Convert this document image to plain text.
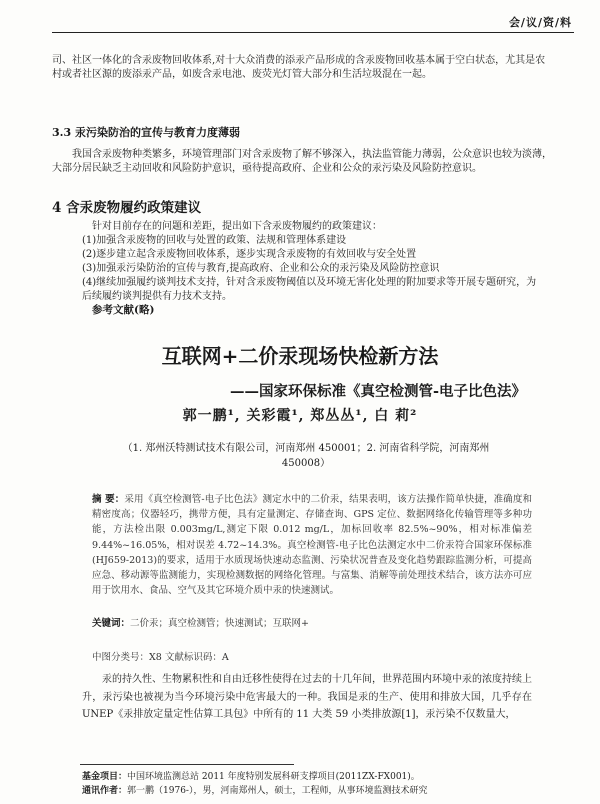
会/议/资/料
司、社区一体化的含汞废物回收体系,对十大众消费的添汞产品形成的含汞废物回收基本属于空白状态，尤其是农村或者社区源的废添汞产品，如废含汞电池、废荧光灯管大部分和生活垃圾混在一起。
3.3 汞污染防治的宣传与教育力度薄弱
我国含汞废物种类繁多，环境管理部门对含汞废物了解不够深入，执法监管能力薄弱，公众意识也较为淡薄，大部分居民缺乏主动回收和风险防护意识，亟待提高政府、企业和公众的汞污染及风险防控意识。
4 含汞废物履约政策建议
针对目前存在的问题和差距，提出如下含汞废物履约的政策建议：
(1)加强含汞废物的回收与处置的政策、法规和管理体系建设
(2)逐步建立起含汞废物回收体系，逐步实现含汞废物的有效回收与安全处置
(3)加强汞污染防治的宣传与教育,提高政府、企业和公众的汞污染及风险防控意识
(4)继续加强履约谈判技术支持，针对含汞废物阈值以及环境无害化处理的附加要求等开展专题研究，为后续履约谈判提供有力技术支持。
参考文献(略)
互联网+二价汞现场快检新方法
——国家环保标准《真空检测管-电子比色法》
郭一鹏¹, 关彩霞¹, 郑丛丛¹, 白 莉²
（1. 郑州沃特测试技术有限公司，河南郑州 450001；2. 河南省科学院，河南郑州 450008）
摘 要：采用《真空检测管-电子比色法》测定水中的二价汞，结果表明，该方法操作简单快捷，准确度和精密度高；仪器轻巧，携带方便，具有定量测定、存储查询、GPS 定位、数据网络化传输管理等多种功能，方法检出限 0.003mg/L,测定下限 0.012 mg/L，加标回收率 82.5%~90%，相对标准偏差 9.44%~16.05%，相对误差 4.72~14.3%。真空检测管-电子比色法测定水中二价汞符合国家环保标准(HJ659-2013)的要求，适用于水质现场快速动态监测、污染状况普查及变化趋势跟踪监测分析，可提高应急、移动源等监测能力，实现检测数据的网络化管理。与富集、消解等前处理技术结合，该方法亦可应用于饮用水、食品、空气及其它环境介质中汞的快速测试。
关键词：二价汞；真空检测管；快速测试；互联网+
中图分类号：X8 文献标识码：A
汞的持久性、生物累积性和自由迁移性使得在过去的十几年间，世界范围内环境中汞的浓度持续上升，汞污染也被视为当今环境污染中危害最大的一种。我国是汞的生产、使用和排放大国，几乎存在 UNEP《汞排放定量定性估算工具包》中所有的 11 大类 59 小类排放源[1]，汞污染不仅数量大，
基金项目：中国环境监测总站 2011 年度特别发展科研支撑项目(2011ZX-FX001)。
通讯作者：郭一鹏（1976-），男，河南郑州人，硕士，工程师，从事环境监测技术研究
